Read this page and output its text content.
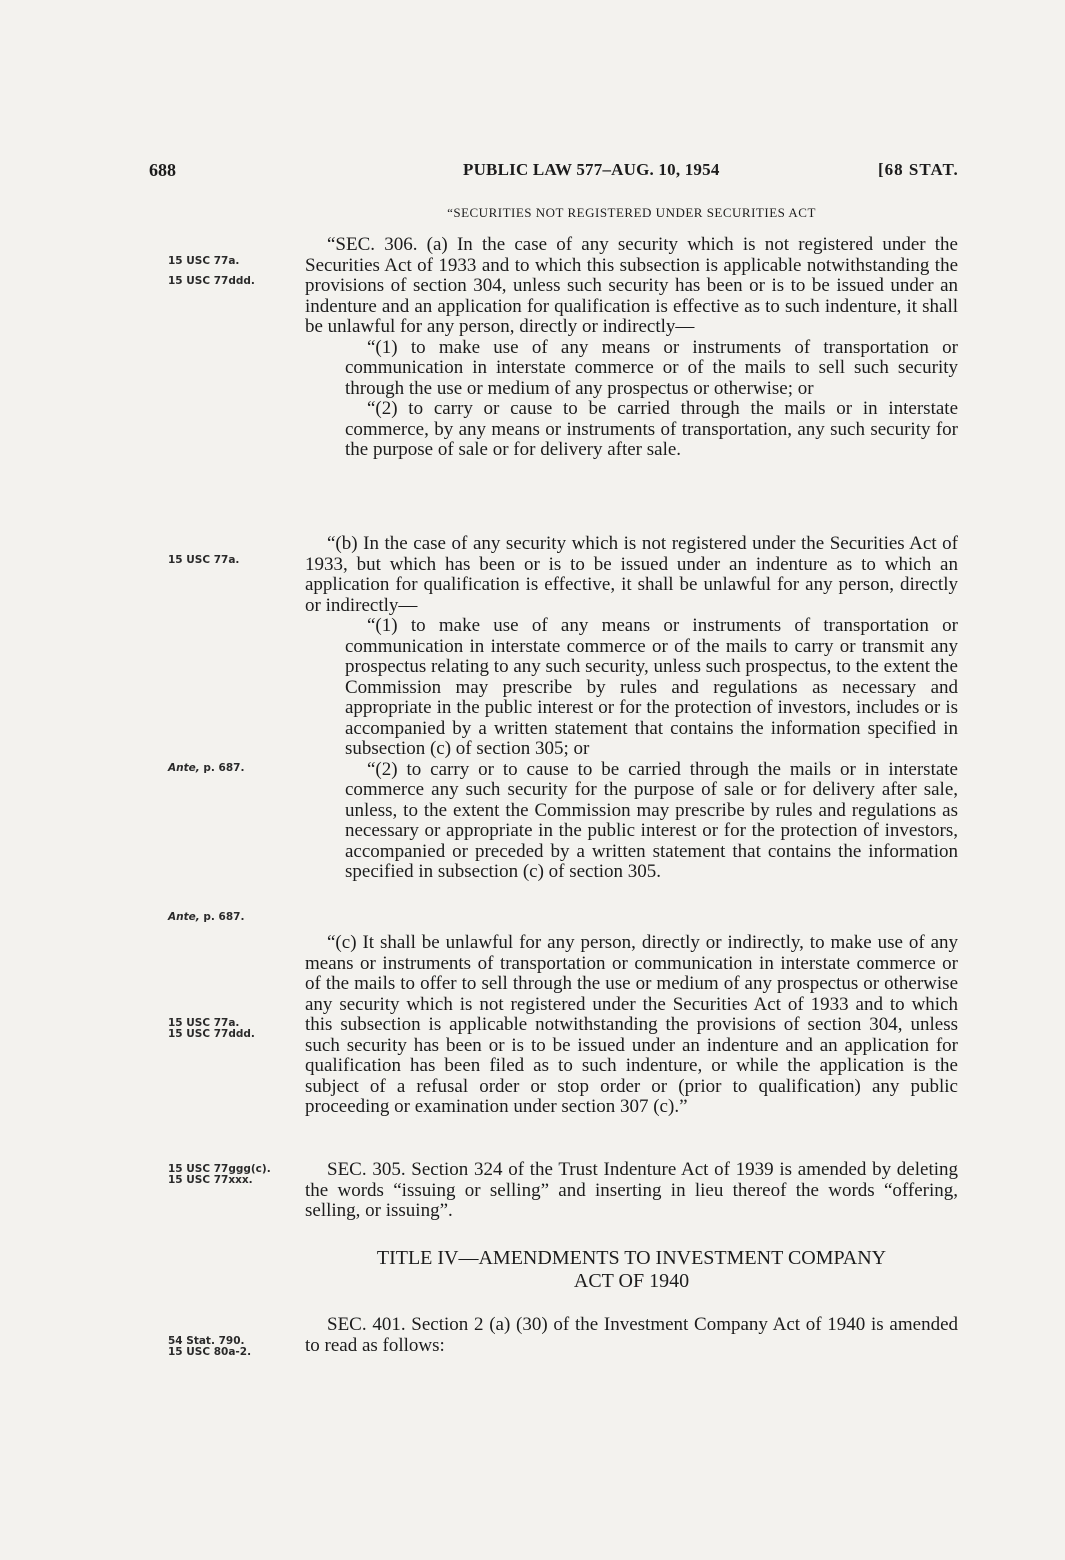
688	PUBLIC LAW 577–AUG. 10, 1954	[68 STAT.
“SECURITIES NOT REGISTERED UNDER SECURITIES ACT

“SEC. 306. (a) In the case of any security which is not registered under the Securities Act of 1933 and to which this subsection is applicable notwithstanding the provisions of section 304, unless such security has been or is to be issued under an indenture and an application for qualification is effective as to such indenture, it shall be unlawful for any person, directly or indirectly—

“(1) to make use of any means or instruments of transportation or communication in interstate commerce or of the mails to sell such security through the use or medium of any prospectus or otherwise; or

“(2) to carry or cause to be carried through the mails or in interstate commerce, by any means or instruments of transportation, any such security for the purpose of sale or for delivery after sale.

“(b) In the case of any security which is not registered under the Securities Act of 1933, but which has been or is to be issued under an indenture as to which an application for qualification is effective, it shall be unlawful for any person, directly or indirectly—

“(1) to make use of any means or instruments of transportation or communication in interstate commerce or of the mails to carry or transmit any prospectus relating to any such security, unless such prospectus, to the extent the Commission may prescribe by rules and regulations as necessary and appropriate in the public interest or for the protection of investors, includes or is accompanied by a written statement that contains the information specified in subsection (c) of section 305; or

“(2) to carry or to cause to be carried through the mails or in interstate commerce any such security for the purpose of sale or for delivery after sale, unless, to the extent the Commission may prescribe by rules and regulations as necessary or appropriate in the public interest or for the protection of investors, accompanied or preceded by a written statement that contains the information specified in subsection (c) of section 305.

“(c) It shall be unlawful for any person, directly or indirectly, to make use of any means or instruments of transportation or communication in interstate commerce or of the mails to offer to sell through the use or medium of any prospectus or otherwise any security which is not registered under the Securities Act of 1933 and to which this subsection is applicable notwithstanding the provisions of section 304, unless such security has been or is to be issued under an indenture and an application for qualification has been filed as to such indenture, or while the application is the subject of a refusal order or stop order or (prior to qualification) any public proceeding or examination under section 307 (c).”

SEC. 305. Section 324 of the Trust Indenture Act of 1939 is amended by deleting the words “issuing or selling” and inserting in lieu thereof the words “offering, selling, or issuing”.

TITLE IV—AMENDMENTS TO INVESTMENT COMPANY
ACT OF 1940

SEC. 401. Section 2 (a) (30) of the Investment Company Act of 1940 is amended to read as follows:

15 USC 77a.
15 USC 77ddd.
15 USC 77a.
Ante, p. 687.
Ante, p. 687.
15 USC 77a.
15 USC 77ddd.
15 USC 77ggg(c).
15 USC 77xxx.
54 Stat. 790.
15 USC 80a-2.
